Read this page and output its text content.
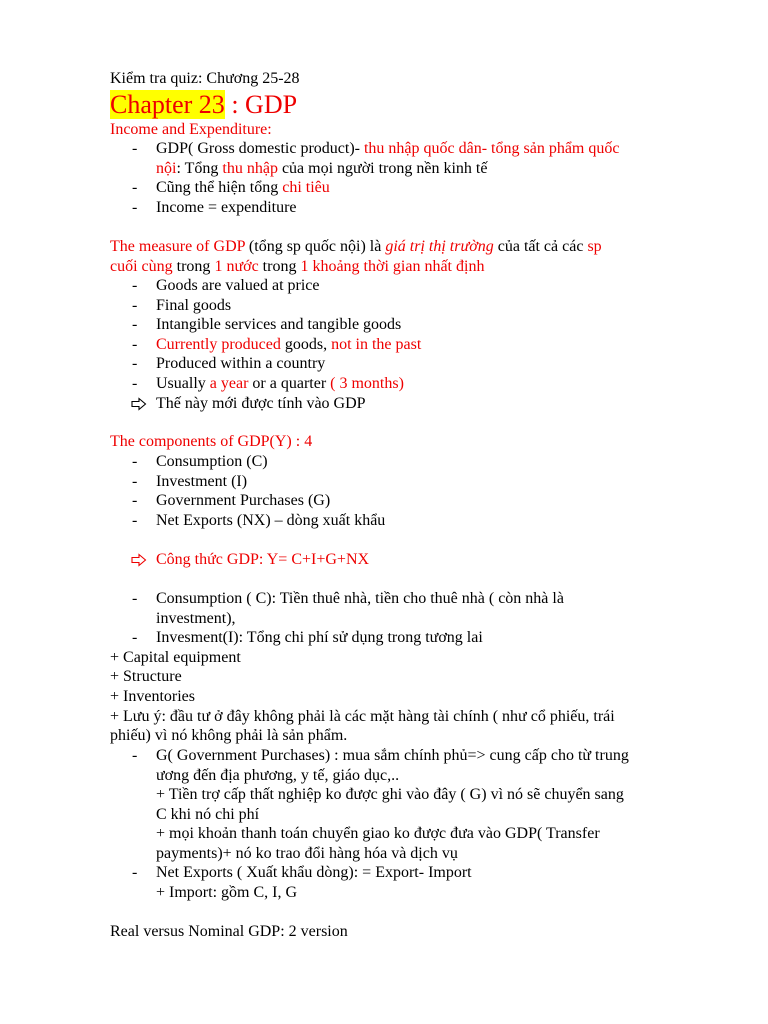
Kiểm tra quiz: Chương 25-28
Chapter 23 : GDP
Income and Expenditure:
- GDP( Gross domestic product)- thu nhập quốc dân- tổng sản phẩm quốc
nội: Tổng thu nhập của mọi người trong nền kinh tế
- Cũng thể hiện tổng chi tiêu
- Income = expenditure
The measure of GDP (tổng sp quốc nội) là giá trị thị trường của tất cả các sp
cuối cùng trong 1 nước trong 1 khoảng thời gian nhất định
- Goods are valued at price
- Final goods
- Intangible services and tangible goods
- Currently produced goods, not in the past
- Produced within a country
- Usually a year or a quarter ( 3 months)
Thế này mới được tính vào GDP
The components of GDP(Y) : 4
- Consumption (C)
- Investment (I)
- Government Purchases (G)
- Net Exports (NX) – dòng xuất khẩu
Công thức GDP: Y= C+I+G+NX
- Consumption ( C): Tiền thuê nhà, tiền cho thuê nhà ( còn nhà là
investment),
- Invesment(I): Tổng chi phí sử dụng trong tương lai
+ Capital equipment
+ Structure
+ Inventories
+ Lưu ý: đầu tư ở đây không phải là các mặt hàng tài chính ( như cổ phiếu, trái
phiếu) vì nó không phải là sản phẩm.
- G( Government Purchases) : mua sắm chính phủ=> cung cấp cho từ trung
ương đến địa phương, y tế, giáo dục,..
+ Tiền trợ cấp thất nghiệp ko được ghi vào đây ( G) vì nó sẽ chuyển sang
C khi nó chi phí
+ mọi khoản thanh toán chuyển giao ko được đưa vào GDP( Transfer
payments)+ nó ko trao đổi hàng hóa và dịch vụ
- Net Exports ( Xuất khẩu dòng): = Export- Import
+ Import: gồm C, I, G
Real versus Nominal GDP: 2 version
